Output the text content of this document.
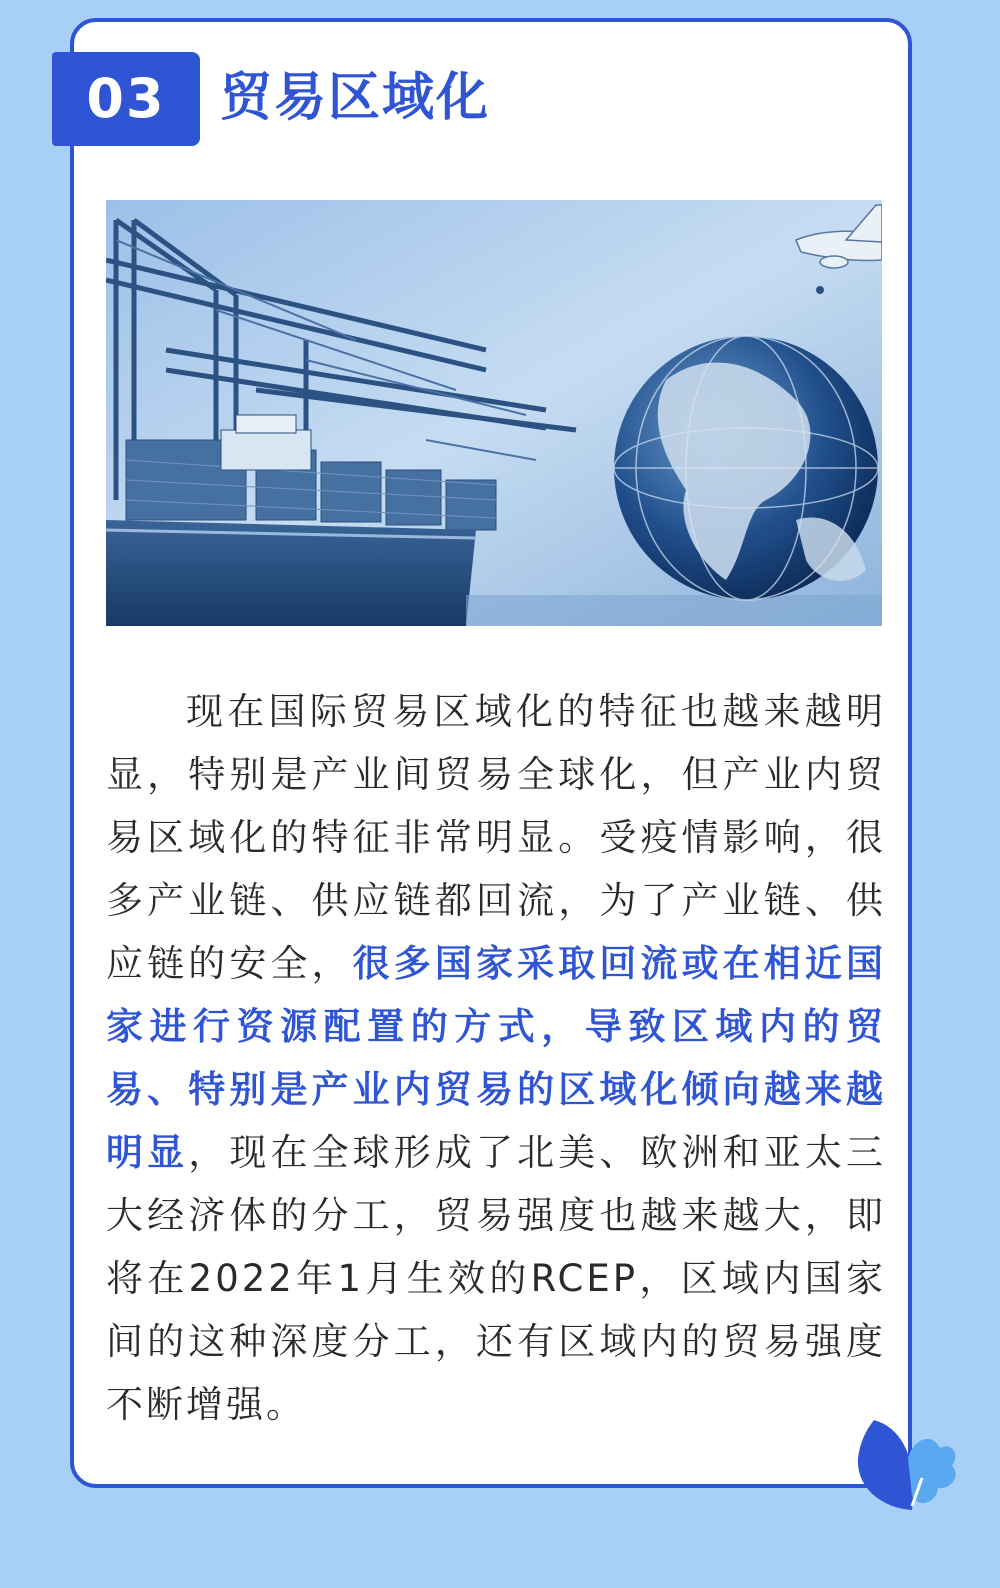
03	贸易区域化

现在国际贸易区域化的特征也越来越明显，特别是产业间贸易全球化，但产业内贸易区域化的特征非常明显。受疫情影响，很多产业链、供应链都回流，为了产业链、供应链的安全，很多国家采取回流或在相近国家进行资源配置的方式，导致区域内的贸易、特别是产业内贸易的区域化倾向越来越明显，现在全球形成了北美、欧洲和亚太三大经济体的分工，贸易强度也越来越大，即将在2022年1月生效的RCEP，区域内国家间的这种深度分工，还有区域内的贸易强度不断增强。
